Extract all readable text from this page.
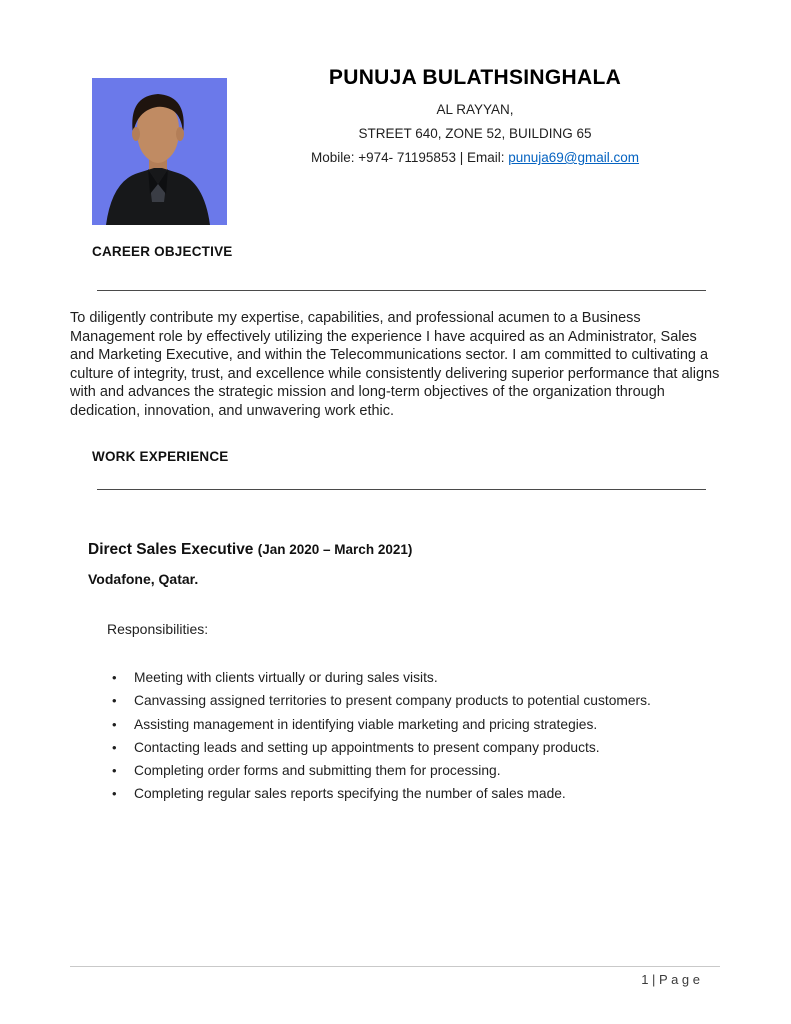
PUNUJA BULATHSINGHALA
AL RAYYAN,
STREET 640, ZONE 52, BUILDING 65
Mobile: +974- 71195853 | Email: punuja69@gmail.com
CAREER OBJECTIVE
To diligently contribute my expertise, capabilities, and professional acumen to a Business Management role by effectively utilizing the experience I have acquired as an Administrator, Sales and Marketing Executive, and within the Telecommunications sector. I am committed to cultivating a culture of integrity, trust, and excellence while consistently delivering superior performance that aligns with and advances the strategic mission and long-term objectives of the organization through dedication, innovation, and unwavering work ethic.
WORK EXPERIENCE
Direct Sales Executive (Jan 2020 – March 2021)
Vodafone, Qatar.
Responsibilities:
•	Meeting with clients virtually or during sales visits.
•	Canvassing assigned territories to present company products to potential customers.
•	Assisting management in identifying viable marketing and pricing strategies.
•	Contacting leads and setting up appointments to present company products.
•	Completing order forms and submitting them for processing.
•	Completing regular sales reports specifying the number of sales made.
1 | P a g e
